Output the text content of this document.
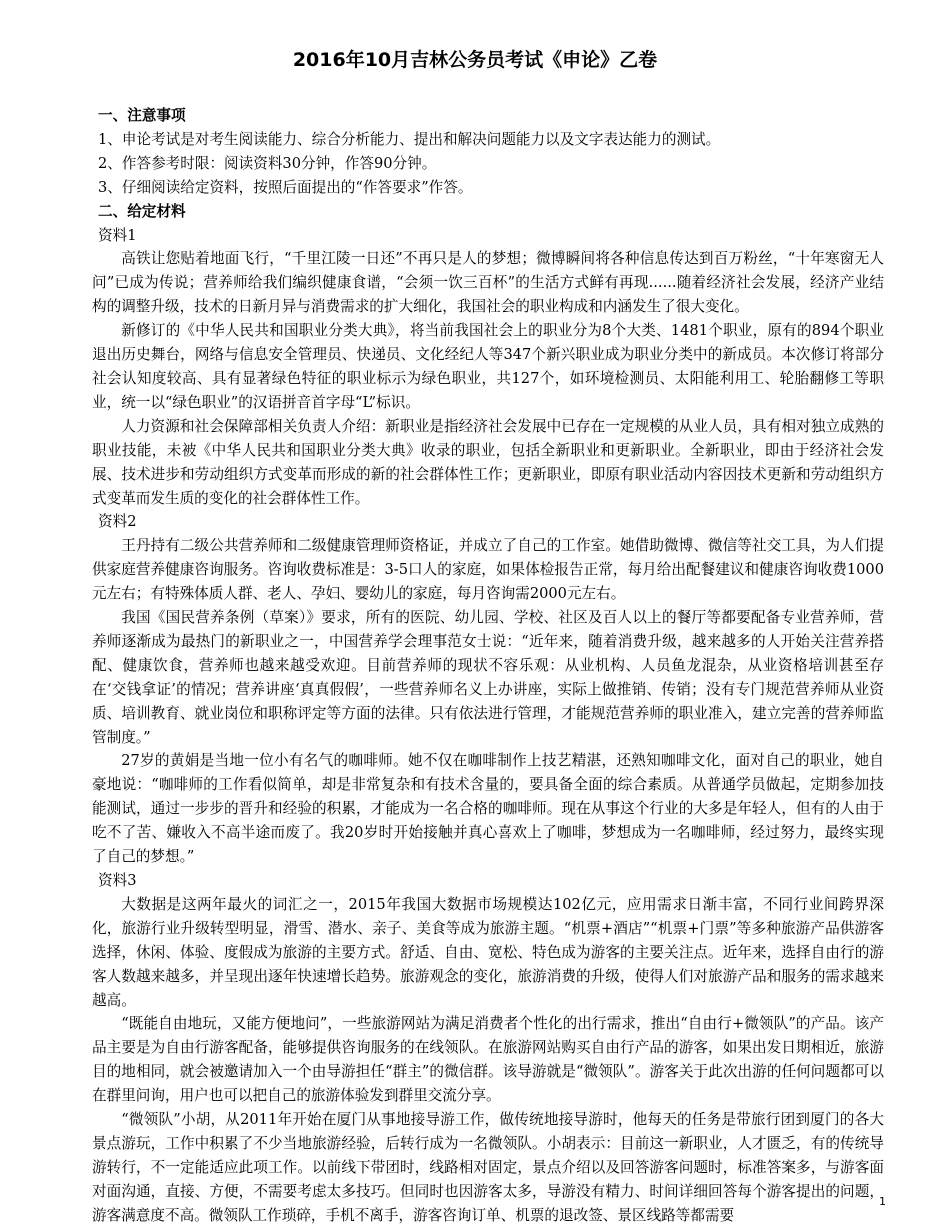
2016年10月吉林公务员考试《申论》乙卷

一、注意事项

1、申论考试是对考生阅读能力、综合分析能力、提出和解决问题能力以及文字表达能力的测试。

2、作答参考时限：阅读资料30分钟，作答90分钟。

3、仔细阅读给定资料，按照后面提出的“作答要求”作答。

二、给定材料

资料1

高铁让您贴着地面飞行，“千里江陵一日还”不再只是人的梦想；微博瞬间将各种信息传达到百万粉丝，“十年寒窗无人问”已成为传说；营养师给我们编织健康食谱，“会须一饮三百杯”的生活方式鲜有再现......随着经济社会发展，经济产业结构的调整升级，技术的日新月异与消费需求的扩大细化，我国社会的职业构成和内涵发生了很大变化。

新修订的《中华人民共和国职业分类大典》，将当前我国社会上的职业分为8个大类、1481个职业，原有的894个职业退出历史舞台，网络与信息安全管理员、快递员、文化经纪人等347个新兴职业成为职业分类中的新成员。本次修订将部分社会认知度较高、具有显著绿色特征的职业标示为绿色职业，共127个，如环境检测员、太阳能利用工、轮胎翻修工等职业，统一以“绿色职业”的汉语拼音首字母“L”标识。

人力资源和社会保障部相关负责人介绍：新职业是指经济社会发展中已存在一定规模的从业人员，具有相对独立成熟的职业技能，未被《中华人民共和国职业分类大典》收录的职业，包括全新职业和更新职业。全新职业，即由于经济社会发展、技术进步和劳动组织方式变革而形成的新的社会群体性工作；更新职业，即原有职业活动内容因技术更新和劳动组织方式变革而发生质的变化的社会群体性工作。

资料2

王丹持有二级公共营养师和二级健康管理师资格证，并成立了自己的工作室。她借助微博、微信等社交工具，为人们提供家庭营养健康咨询服务。咨询收费标准是：3-5口人的家庭，如果体检报告正常，每月给出配餐建议和健康咨询收费1000元左右；有特殊体质人群、老人、孕妇、婴幼儿的家庭，每月咨询需2000元左右。

我国《国民营养条例（草案）》要求，所有的医院、幼儿园、学校、社区及百人以上的餐厅等都要配备专业营养师，营养师逐渐成为最热门的新职业之一，中国营养学会理事范女士说：“近年来，随着消费升级，越来越多的人开始关注营养搭配、健康饮食，营养师也越来越受欢迎。目前营养师的现状不容乐观：从业机构、人员鱼龙混杂，从业资格培训甚至存在‘交钱拿证’的情况；营养讲座‘真真假假’，一些营养师名义上办讲座，实际上做推销、传销；没有专门规范营养师从业资质、培训教育、就业岗位和职称评定等方面的法律。只有依法进行管理，才能规范营养师的职业准入，建立完善的营养师监管制度。”

27岁的黄娟是当地一位小有名气的咖啡师。她不仅在咖啡制作上技艺精湛，还熟知咖啡文化，面对自己的职业，她自豪地说：“咖啡师的工作看似简单，却是非常复杂和有技术含量的，要具备全面的综合素质。从普通学员做起，定期参加技能测试，通过一步步的晋升和经验的积累，才能成为一名合格的咖啡师。现在从事这个行业的大多是年轻人，但有的人由于吃不了苦、嫌收入不高半途而废了。我20岁时开始接触并真心喜欢上了咖啡，梦想成为一名咖啡师，经过努力，最终实现了自己的梦想。”

资料3

大数据是这两年最火的词汇之一，2015年我国大数据市场规模达102亿元，应用需求日渐丰富，不同行业间跨界深化，旅游行业升级转型明显，滑雪、潜水、亲子、美食等成为旅游主题。“机票+酒店”“机票+门票”等多种旅游产品供游客选择，休闲、体验、度假成为旅游的主要方式。舒适、自由、宽松、特色成为游客的主要关注点。近年来，选择自由行的游客人数越来越多，并呈现出逐年快速增长趋势。旅游观念的变化，旅游消费的升级，使得人们对旅游产品和服务的需求越来越高。

“既能自由地玩，又能方便地问”，一些旅游网站为满足消费者个性化的出行需求，推出“自由行+微领队”的产品。该产品主要是为自由行游客配备，能够提供咨询服务的在线领队。在旅游网站购买自由行产品的游客，如果出发日期相近，旅游目的地相同，就会被邀请加入一个由导游担任“群主”的微信群。该导游就是“微领队”。游客关于此次出游的任何问题都可以在群里问询，用户也可以把自己的旅游体验发到群里交流分享。

“微领队”小胡，从2011年开始在厦门从事地接导游工作，做传统地接导游时，他每天的任务是带旅行团到厦门的各大景点游玩，工作中积累了不少当地旅游经验，后转行成为一名微领队。小胡表示：目前这一新职业，人才匮乏，有的传统导游转行，不一定能适应此项工作。以前线下带团时，线路相对固定，景点介绍以及回答游客问题时，标准答案多，与游客面对面沟通，直接、方便，不需要考虑太多技巧。但同时也因游客太多，导游没有精力、时间详细回答每个游客提出的问题，游客满意度不高。微领队工作琐碎，手机不离手，游客咨询订单、机票的退改签、景区线路等都需要

1
